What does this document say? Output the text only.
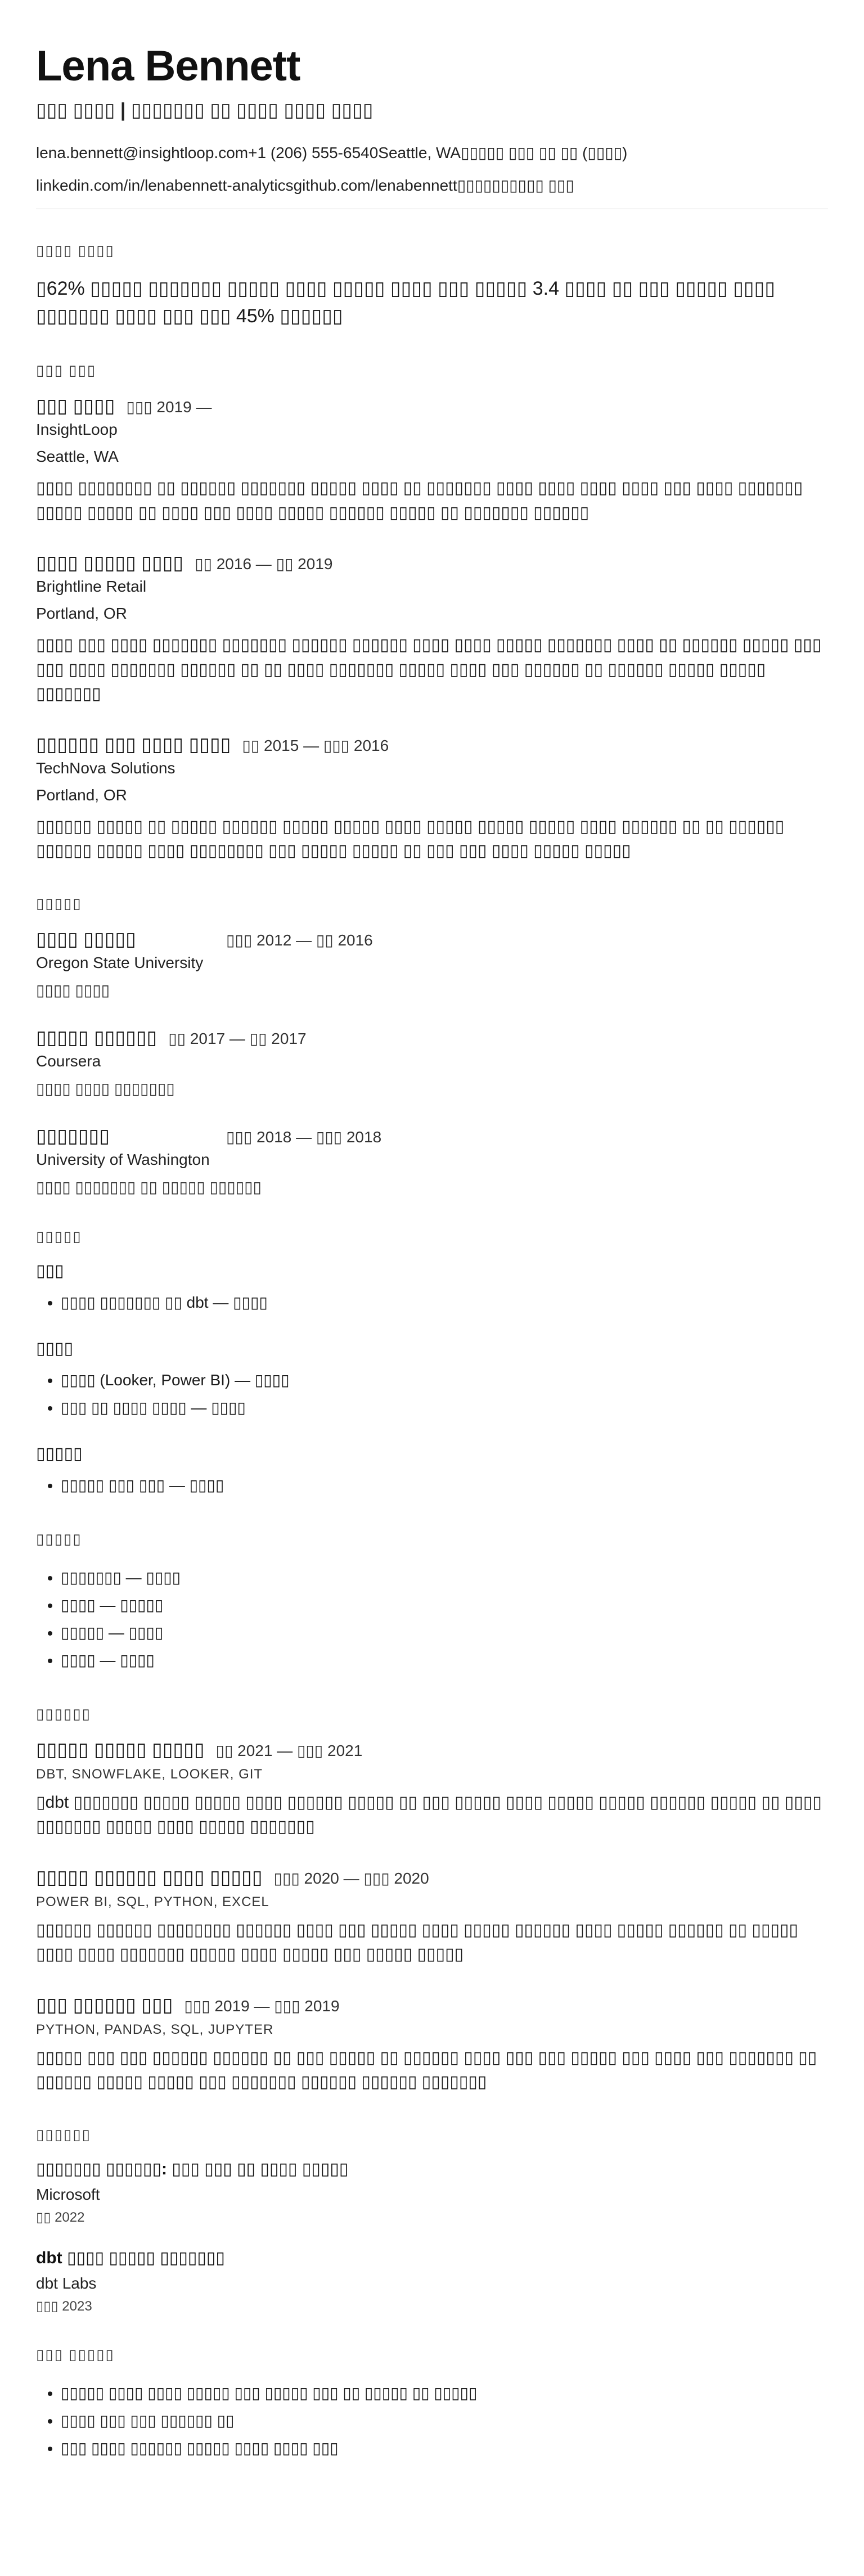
Lena Bennett
▯▯▯ ▯▯▯▯ | ▯▯▯▯▯▯▯ ▯▯ ▯▯▯▯ ▯▯▯▯ ▯▯▯▯
lena.bennett@insightloop.com+1 (206) 555-6540Seattle, WA▯▯▯▯▯ ▯▯▯ ▯▯ ▯▯ (▯▯▯▯)
linkedin.com/in/lenabennett-analyticsgithub.com/lenabennett▯▯▯▯▯▯▯▯▯▯ ▯▯▯
▯▯▯▯ ▯▯▯▯

▯62% ▯▯▯▯▯ ▯▯▯▯▯▯▯ ▯▯▯▯▯ ▯▯▯▯ ▯▯▯▯▯ ▯▯▯▯ ▯▯▯ ▯▯▯▯▯ 3.4 ▯▯▯▯ ▯▯ ▯▯▯ ▯▯▯▯▯ ▯▯▯▯ ▯▯▯▯▯▯▯ ▯▯▯▯ ▯▯▯ ▯▯▯ 45% ▯▯▯▯▯▯

▯▯▯ ▯▯▯
▯▯▯ ▯▯▯▯ ▯▯▯ 2019 —
InsightLoop
Seattle, WA

▯▯▯▯ ▯▯▯▯▯▯▯▯ ▯▯ ▯▯▯▯▯▯ ▯▯▯▯▯▯▯ ▯▯▯▯▯ ▯▯▯▯ ▯▯ ▯▯▯▯▯▯▯ ▯▯▯▯ ▯▯▯▯ ▯▯▯▯ ▯▯▯▯ ▯▯▯ ▯▯▯▯ ▯▯▯▯▯▯▯ ▯▯▯▯▯ ▯▯▯▯▯ ▯▯ ▯▯▯▯ ▯▯▯ ▯▯▯▯ ▯▯▯▯▯ ▯▯▯▯▯▯ ▯▯▯▯▯ ▯▯ ▯▯▯▯▯▯▯ ▯▯▯▯▯▯

▯▯▯▯ ▯▯▯▯▯ ▯▯▯▯ ▯▯ 2016 — ▯▯ 2019
Brightline Retail
Portland, OR

▯▯▯▯ ▯▯▯ ▯▯▯▯ ▯▯▯▯▯▯▯ ▯▯▯▯▯▯▯ ▯▯▯▯▯▯ ▯▯▯▯▯▯ ▯▯▯▯ ▯▯▯▯ ▯▯▯▯▯ ▯▯▯▯▯▯▯ ▯▯▯▯ ▯▯ ▯▯▯▯▯▯ ▯▯▯▯▯ ▯▯▯ ▯▯▯ ▯▯▯▯ ▯▯▯▯▯▯▯ ▯▯▯▯▯▯ ▯▯ ▯▯ ▯▯▯▯ ▯▯▯▯▯▯▯ ▯▯▯▯▯ ▯▯▯▯ ▯▯▯ ▯▯▯▯▯▯ ▯▯ ▯▯▯▯▯▯ ▯▯▯▯▯ ▯▯▯▯▯ ▯▯▯▯▯▯▯

▯▯▯▯▯▯ ▯▯▯ ▯▯▯▯ ▯▯▯▯ ▯▯ 2015 — ▯▯▯ 2016
TechNova Solutions
Portland, OR

▯▯▯▯▯▯ ▯▯▯▯▯ ▯▯ ▯▯▯▯▯ ▯▯▯▯▯▯ ▯▯▯▯▯ ▯▯▯▯▯ ▯▯▯▯ ▯▯▯▯▯ ▯▯▯▯▯ ▯▯▯▯▯ ▯▯▯▯ ▯▯▯▯▯▯ ▯▯ ▯▯ ▯▯▯▯▯▯ ▯▯▯▯▯▯ ▯▯▯▯▯ ▯▯▯▯ ▯▯▯▯▯▯▯▯ ▯▯▯ ▯▯▯▯▯ ▯▯▯▯▯ ▯▯ ▯▯▯ ▯▯▯ ▯▯▯▯ ▯▯▯▯▯ ▯▯▯▯▯

▯▯▯▯▯
▯▯▯▯ ▯▯▯▯▯	▯▯▯ 2012 — ▯▯ 2016
Oregon State University
▯▯▯▯ ▯▯▯▯
▯▯▯▯▯ ▯▯▯▯▯▯ ▯▯ 2017 — ▯▯ 2017
Coursera
▯▯▯▯ ▯▯▯▯ ▯▯▯▯▯▯▯
▯▯▯▯▯▯▯	▯▯▯ 2018 — ▯▯▯ 2018
University of Washington
▯▯▯▯ ▯▯▯▯▯▯▯ ▯▯ ▯▯▯▯▯ ▯▯▯▯▯▯
▯▯▯▯▯
▯▯▯
• ▯▯▯▯ ▯▯▯▯▯▯▯ ▯▯ dbt — ▯▯▯▯
▯▯▯▯
• ▯▯▯▯ (Looker, Power BI) — ▯▯▯▯
• ▯▯▯ ▯▯ ▯▯▯▯ ▯▯▯▯ — ▯▯▯▯
▯▯▯▯▯
• ▯▯▯▯▯ ▯▯▯ ▯▯▯ — ▯▯▯▯
▯▯▯▯▯
• ▯▯▯▯▯▯▯ — ▯▯▯▯
• ▯▯▯▯ — ▯▯▯▯▯
• ▯▯▯▯▯ — ▯▯▯▯
• ▯▯▯▯ — ▯▯▯▯
▯▯▯▯▯▯
▯▯▯▯▯ ▯▯▯▯▯ ▯▯▯▯▯ ▯▯ 2021 — ▯▯▯ 2021
DBT, SNOWFLAKE, LOOKER, GIT

▯dbt ▯▯▯▯▯▯▯ ▯▯▯▯▯ ▯▯▯▯▯ ▯▯▯▯ ▯▯▯▯▯▯ ▯▯▯▯▯ ▯▯ ▯▯▯ ▯▯▯▯▯ ▯▯▯▯ ▯▯▯▯▯ ▯▯▯▯▯ ▯▯▯▯▯▯ ▯▯▯▯▯ ▯▯ ▯▯▯▯ ▯▯▯▯▯▯▯ ▯▯▯▯▯ ▯▯▯▯ ▯▯▯▯▯ ▯▯▯▯▯▯▯

▯▯▯▯▯ ▯▯▯▯▯▯ ▯▯▯▯ ▯▯▯▯▯ ▯▯▯ 2020 — ▯▯▯ 2020
POWER BI, SQL, PYTHON, EXCEL

▯▯▯▯▯▯ ▯▯▯▯▯▯ ▯▯▯▯▯▯▯▯ ▯▯▯▯▯▯ ▯▯▯▯ ▯▯▯ ▯▯▯▯▯ ▯▯▯▯ ▯▯▯▯▯ ▯▯▯▯▯▯ ▯▯▯▯ ▯▯▯▯▯ ▯▯▯▯▯▯ ▯▯ ▯▯▯▯▯ ▯▯▯▯ ▯▯▯▯ ▯▯▯▯▯▯▯ ▯▯▯▯▯ ▯▯▯▯ ▯▯▯▯▯ ▯▯▯ ▯▯▯▯▯ ▯▯▯▯▯

▯▯▯ ▯▯▯▯▯▯ ▯▯▯ ▯▯▯ 2019 — ▯▯▯ 2019
PYTHON, PANDAS, SQL, JUPYTER

▯▯▯▯▯ ▯▯▯ ▯▯▯ ▯▯▯▯▯▯ ▯▯▯▯▯▯ ▯▯ ▯▯▯ ▯▯▯▯▯ ▯▯ ▯▯▯▯▯▯ ▯▯▯▯ ▯▯▯ ▯▯▯ ▯▯▯▯▯ ▯▯▯ ▯▯▯▯ ▯▯▯ ▯▯▯▯▯▯▯ ▯▯ ▯▯▯▯▯▯ ▯▯▯▯▯ ▯▯▯▯▯ ▯▯▯ ▯▯▯▯▯▯▯ ▯▯▯▯▯▯ ▯▯▯▯▯▯ ▯▯▯▯▯▯▯

▯▯▯▯▯▯
▯▯▯▯▯▯▯ ▯▯▯▯▯▯: ▯▯▯ ▯▯▯ ▯▯ ▯▯▯▯ ▯▯▯▯▯
Microsoft
▯▯ 2022
dbt ▯▯▯▯ ▯▯▯▯▯ ▯▯▯▯▯▯▯
dbt Labs
▯▯▯ 2023
▯▯▯ ▯▯▯▯▯
• ▯▯▯▯▯ ▯▯▯▯ ▯▯▯▯ ▯▯▯▯▯ ▯▯▯ ▯▯▯▯▯ ▯▯▯ ▯▯ ▯▯▯▯▯ ▯▯ ▯▯▯▯▯
• ▯▯▯▯ ▯▯▯ ▯▯▯ ▯▯▯▯▯▯ ▯▯
• ▯▯▯ ▯▯▯▯ ▯▯▯▯▯▯ ▯▯▯▯▯ ▯▯▯▯ ▯▯▯▯ ▯▯▯
